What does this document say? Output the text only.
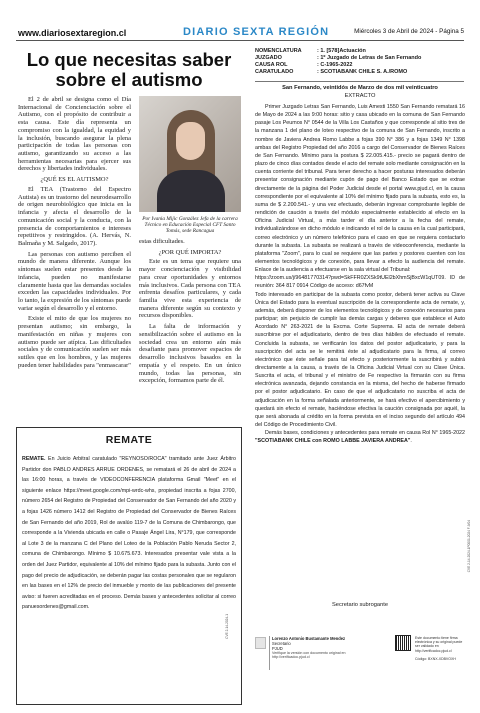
www.diariosextaregion.cl	DIARIO SEXTA REGIÓN	Miércoles 3 de Abril de 2024 - Página 5
Lo que necesitas saber sobre el autismo

El 2 de abril se designa como el Día Internacional de Concienciación sobre el Autismo, con el propósito de contribuir a esta causa. Este día representa un compromiso con la igualdad, la equidad y la inclusión, buscando asegurar la plena participación de todas las personas con autismo, garantizando su acceso a las herramientas necesarias para ejercer sus derechos y libertades individuales.

¿QUÉ ES EL AUTISMO?

El TEA (Trastorno del Espectro Autista) es un trastorno del neurodesarrollo de origen neurobiológico que inicia en la infancia y afecta el desarrollo de la comunicación social y la conducta, con la presencia de comportamientos e intereses repetitivos y restringidos. (A. Hervás, N. Balmaña y M. Salgado, 2017).

Las personas con autismo perciben el mundo de manera diferente. Aunque los síntomas suelen estar presentes desde la infancia, pueden no manifestarse claramente hasta que las demandas sociales exceden las capacidades individuales. Por lo tanto, la expresión de los síntomas puede variar según el desarrollo y el entorno.

Existe el mito de que los mujeres no presentan autismo; sin embargo, la manifestación en niñas y mujeres con autismo puede ser atípica. Las dificultades sociales y de comunicación suelen ser más sutiles que en los hombres, y las mujeres pueden tener habilidades para "enmascarar"

Por Ivania Mijic González Jefa de la carrera Técnico en Educación Especial CFT Santo Tomás, sede Rancagua

estas dificultades.

¿POR QUÉ IMPORTA?

Este es un tema que requiere una mayor concienciación y visibilidad para crear oportunidades y entornos más inclusivos. Cada persona con TEA enfrenta desafíos particulares, y cada familia vive esta experiencia de manera diferente según su contexto y recursos disponibles.

La falta de información y sensibilización sobre el autismo en la sociedad crea un entorno aún más desafiante para promover espacios de desarrollo inclusivos basados en la empatía y el respeto. En un único mundo, todas las personas, sin excepción, formamos parte de él.

REMATE
REMATE. En Juicio Arbitral caratulado "REYNOSO/ROCA" tramitado ante Juez Árbitro Partidor don PABLO ANDRES ARRUE ORDENES, se rematará el 26 de abril de 2024 a las 16:00 horas, a través de VIDEOCONFERENCIA plataforma Gmail "Meet" en el siguiente enlace https://meet.google.com/mpi-wrdc-whs, propiedad inscrita a fojas 2700, número 2654 del Registro de Propiedad del Conservador de San Fernando del año 2020 y a fojas 1426 número 1412 del Registro de Propiedad del Conservador de Bienes Raíces de San Fernando del año 2019, Rol de avalúo 119-7 de la Comuna de Chimbarongo, que corresponde a la Vivienda ubicada en calle o Pasaje Ángel Lira, N°179, que corresponde al Lote 3 de la manzana C del Plano del Loteo de la Población Pablo Neruda Sector 2, comuna de Chimbarongo. Mínimo $ 10.675.673. Interesados presentar vale vista a la orden del Juez Partidor, equivalente al 10% del mínimo fijado para la subasta. Junto con el pago del precio de adjudicación, se deberán pagar las costas personales que se regularon en las bases en el 12% de precio del inmueble y monto de las publicaciones del presente aviso: si fueren acreditadas en el proceso. Demás bases y antecedentes solicitar al correo panuesordenes@gmail.com.
CVE 2-14-2024-1
NOMENCLATURA	: 1. [578]Actuación
JUZGADO	: 1º Juzgado de Letras de San Fernando
CAUSA ROL	: C-1965-2022
CARATULADO	: SCOTIABANK CHILE S. A./ROMO
San Fernando, veintidós de Marzo de dos mil veinticuatro
EXTRACTO

Primer Juzgado Letras San Fernando, Luis Amesti 1550 San Fernando rematará 16 de Mayo de 2024 a las 9:00 horas: sitio y casa ubicado en la comuna de San Fernando pasaje Los Peumos N° 0544 de la Villa Los Castaños y que corresponde al sitio tres de la manzana 1 del plano de loteo respectivo de la comuna de San Fernando, inscrito a nombre de Javiera Andrea Romo Labbe a fojas 390 N° 386 y a fojas 1349 N° 1398 ambas del Registro Propiedad del año 2016 a cargo del Conservador de Bienes Raíces de San Fernando. Mínimo para la postura $ 22.005.415.- precio se pagará dentro de plazo de cinco días contados desde el acto del remate solo mediante consignación en la cuenta corriente del tribunal. Para tener derecho a hacer posturas interesados deberán presentar consignación mediante cupón de pago del Banco Estado que se extrae directamente de la página del Poder Judicial desde el portal www.pjud.cl, en la causa correspondiente por el equivalente al 10% del mínimo fijado para la subasta, esto es, la suma de $ 2.200.541.- y una vez efectuado, deberán ingresar comprobante legible de rendición de caución a través del módulo especialmente establecido al efecto en la Oficina Judicial Virtual, a más tarder el día anterior a la fecha del remate, individualizándose en dicho módulo e indicando el rol de la causa en la cual participará, correo electrónico y un número telefónico para el caso en que se requiera contactarlo durante la subasta. La subasta se realizará a través de videoconferencia, mediante la plataforma "Zoom", para lo cual se requiere que las partes y postores cuenten con los elementos tecnológicos y de conexión, para llevar a efecto la audiencia del remate. Enlace de la audiencia a efectuarse en la sala virtual del Tribunal:

https://zoom.us/j/96481770314?pwd=SkFFR0ZXSk9tUEl2bXhmSjBxcW1qUT09. ID de reunión: 364 817 0914 Código de acceso: d67fvM

Todo interesado en participar de la subasta como postor, deberá tener activa su Clave Única del Estado para la eventual suscripción de la correspondiente acta de remate, y, además, deberá disponer de los elementos tecnológicos y de conexión necesarios para participar; sin perjuicio de cumplir las demás cargas y deberes que establece el Auto Acordado N° 263-2021 de la Excma. Corte Suprema. El acta de remate deberá suscribirse por el adjudicatario, dentro de tres días hábiles de efectuado el remate. Concluida la subasta, se verificarán los datos del postor adjudicatario, y para la suscripción del acta se le remitirá éste al adjudicatario para la firma, al correo electrónico que éste señale para tal efecto y posteriormente la suscribirá y subirá directamente a la causa, a través de la Oficina Judicial Virtual con su Clave Única. Suscrita el acta, el tribunal y el ministro de Fe respectivo la firmarán con su firma electrónica avanzada, dejando constancia en la misma, del hecho de haberse firmado por el postor adjudicatario. En caso de que el adjudicatario no suscriba el acta de adjudicación en la forma señalada anteriormente, se hará efectivo el apercibimiento y quedará sin efecto el remate, haciéndose efectiva la caución consignada por aquél, la que será abonada al crédito en la forma prevista en el inciso segundo del artículo 494 del Código de Procedimiento Civil.

Demás bases, condiciones y antecedentes para remate en causa Rol N° 1965-2022 "SCOTIABANK CHILE con ROMO LABBE JAVIERA ANDREA".

Secretario subrogante
CVE 2-14-2024-1P0001-2024 F-9/04
Lorenzo Antonio Bustamante Mendez
Secretario
PJUD
Verifique la versión con documento original en http://verificadoc.pjud.cl
Este documento tiene firma electrónica y su original puede ser validado en http://verificadoc.pjud.cl
Código: BXNX-XDBVOXH
